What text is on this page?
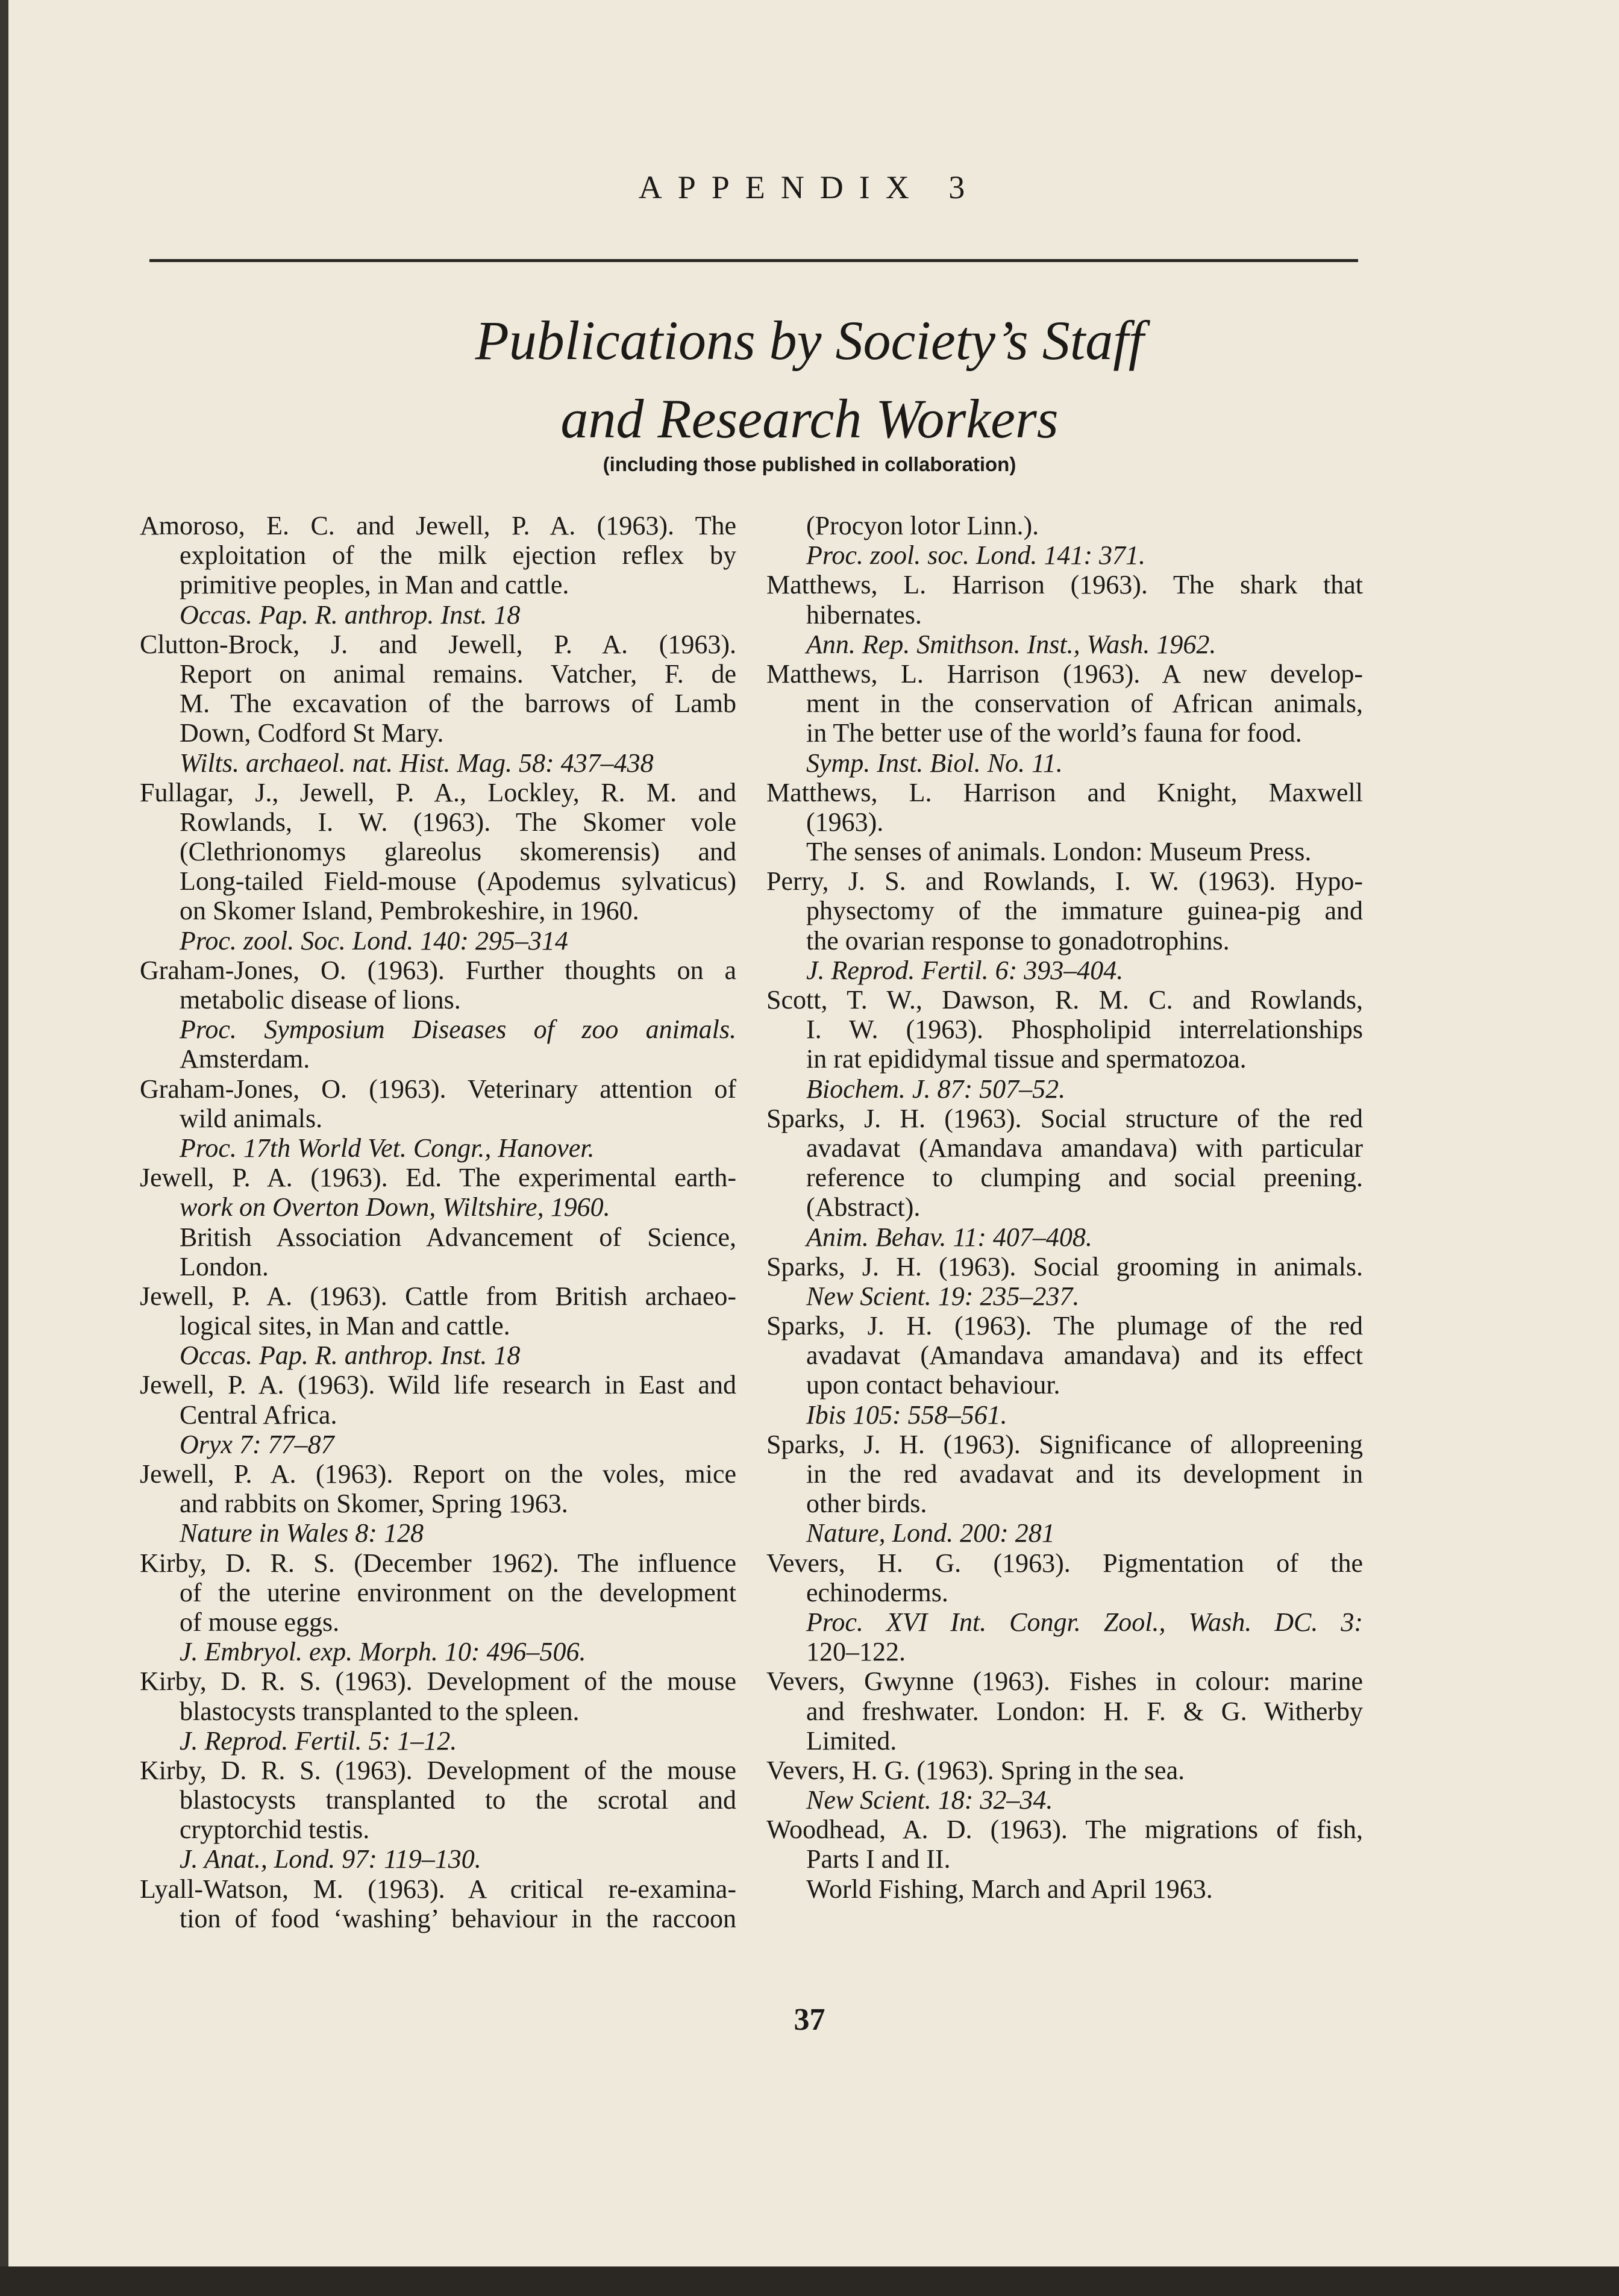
APPENDIX 3
Publications by Society’s Staff
and Research Workers
(including those published in collaboration)
Amoroso, E. C. and Jewell, P. A. (1963). The
exploitation of the milk ejection reflex by
primitive peoples, in Man and cattle.
Occas. Pap. R. anthrop. Inst. 18
Clutton-Brock, J. and Jewell, P. A. (1963).
Report on animal remains. Vatcher, F. de
M. The excavation of the barrows of Lamb
Down, Codford St Mary.
Wilts. archaeol. nat. Hist. Mag. 58: 437–438
Fullagar, J., Jewell, P. A., Lockley, R. M. and
Rowlands, I. W. (1963). The Skomer vole
(Clethrionomys glareolus skomerensis) and
Long-tailed Field-mouse (Apodemus sylvaticus)
on Skomer Island, Pembrokeshire, in 1960.
Proc. zool. Soc. Lond. 140: 295–314
Graham-Jones, O. (1963). Further thoughts on a
metabolic disease of lions.
Proc. Symposium Diseases of zoo animals.
Amsterdam.
Graham-Jones, O. (1963). Veterinary attention of
wild animals.
Proc. 17th World Vet. Congr., Hanover.
Jewell, P. A. (1963). Ed. The experimental earth-
work on Overton Down, Wiltshire, 1960.
British Association Advancement of Science,
London.
Jewell, P. A. (1963). Cattle from British archaeo-
logical sites, in Man and cattle.
Occas. Pap. R. anthrop. Inst. 18
Jewell, P. A. (1963). Wild life research in East and
Central Africa.
Oryx 7: 77–87
Jewell, P. A. (1963). Report on the voles, mice
and rabbits on Skomer, Spring 1963.
Nature in Wales 8: 128
Kirby, D. R. S. (December 1962). The influence
of the uterine environment on the development
of mouse eggs.
J. Embryol. exp. Morph. 10: 496–506.
Kirby, D. R. S. (1963). Development of the mouse
blastocysts transplanted to the spleen.
J. Reprod. Fertil. 5: 1–12.
Kirby, D. R. S. (1963). Development of the mouse
blastocysts transplanted to the scrotal and
cryptorchid testis.
J. Anat., Lond. 97: 119–130.
Lyall-Watson, M. (1963). A critical re-examina-
tion of food ‘washing’ behaviour in the raccoon
(Procyon lotor Linn.).
Proc. zool. soc. Lond. 141: 371.
Matthews, L. Harrison (1963). The shark that
hibernates.
Ann. Rep. Smithson. Inst., Wash. 1962.
Matthews, L. Harrison (1963). A new develop-
ment in the conservation of African animals,
in The better use of the world’s fauna for food.
Symp. Inst. Biol. No. 11.
Matthews, L. Harrison and Knight, Maxwell
(1963).
The senses of animals. London: Museum Press.
Perry, J. S. and Rowlands, I. W. (1963). Hypo-
physectomy of the immature guinea-pig and
the ovarian response to gonadotrophins.
J. Reprod. Fertil. 6: 393–404.
Scott, T. W., Dawson, R. M. C. and Rowlands,
I. W. (1963). Phospholipid interrelationships
in rat epididymal tissue and spermatozoa.
Biochem. J. 87: 507–52.
Sparks, J. H. (1963). Social structure of the red
avadavat (Amandava amandava) with particular
reference to clumping and social preening.
(Abstract).
Anim. Behav. 11: 407–408.
Sparks, J. H. (1963). Social grooming in animals.
New Scient. 19: 235–237.
Sparks, J. H. (1963). The plumage of the red
avadavat (Amandava amandava) and its effect
upon contact behaviour.
Ibis 105: 558–561.
Sparks, J. H. (1963). Significance of allopreening
in the red avadavat and its development in
other birds.
Nature, Lond. 200: 281
Vevers, H. G. (1963). Pigmentation of the
echinoderms.
Proc. XVI Int. Congr. Zool., Wash. DC. 3:
120–122.
Vevers, Gwynne (1963). Fishes in colour: marine
and freshwater. London: H. F. & G. Witherby
Limited.
Vevers, H. G. (1963). Spring in the sea.
New Scient. 18: 32–34.
Woodhead, A. D. (1963). The migrations of fish,
Parts I and II.
World Fishing, March and April 1963.
37
